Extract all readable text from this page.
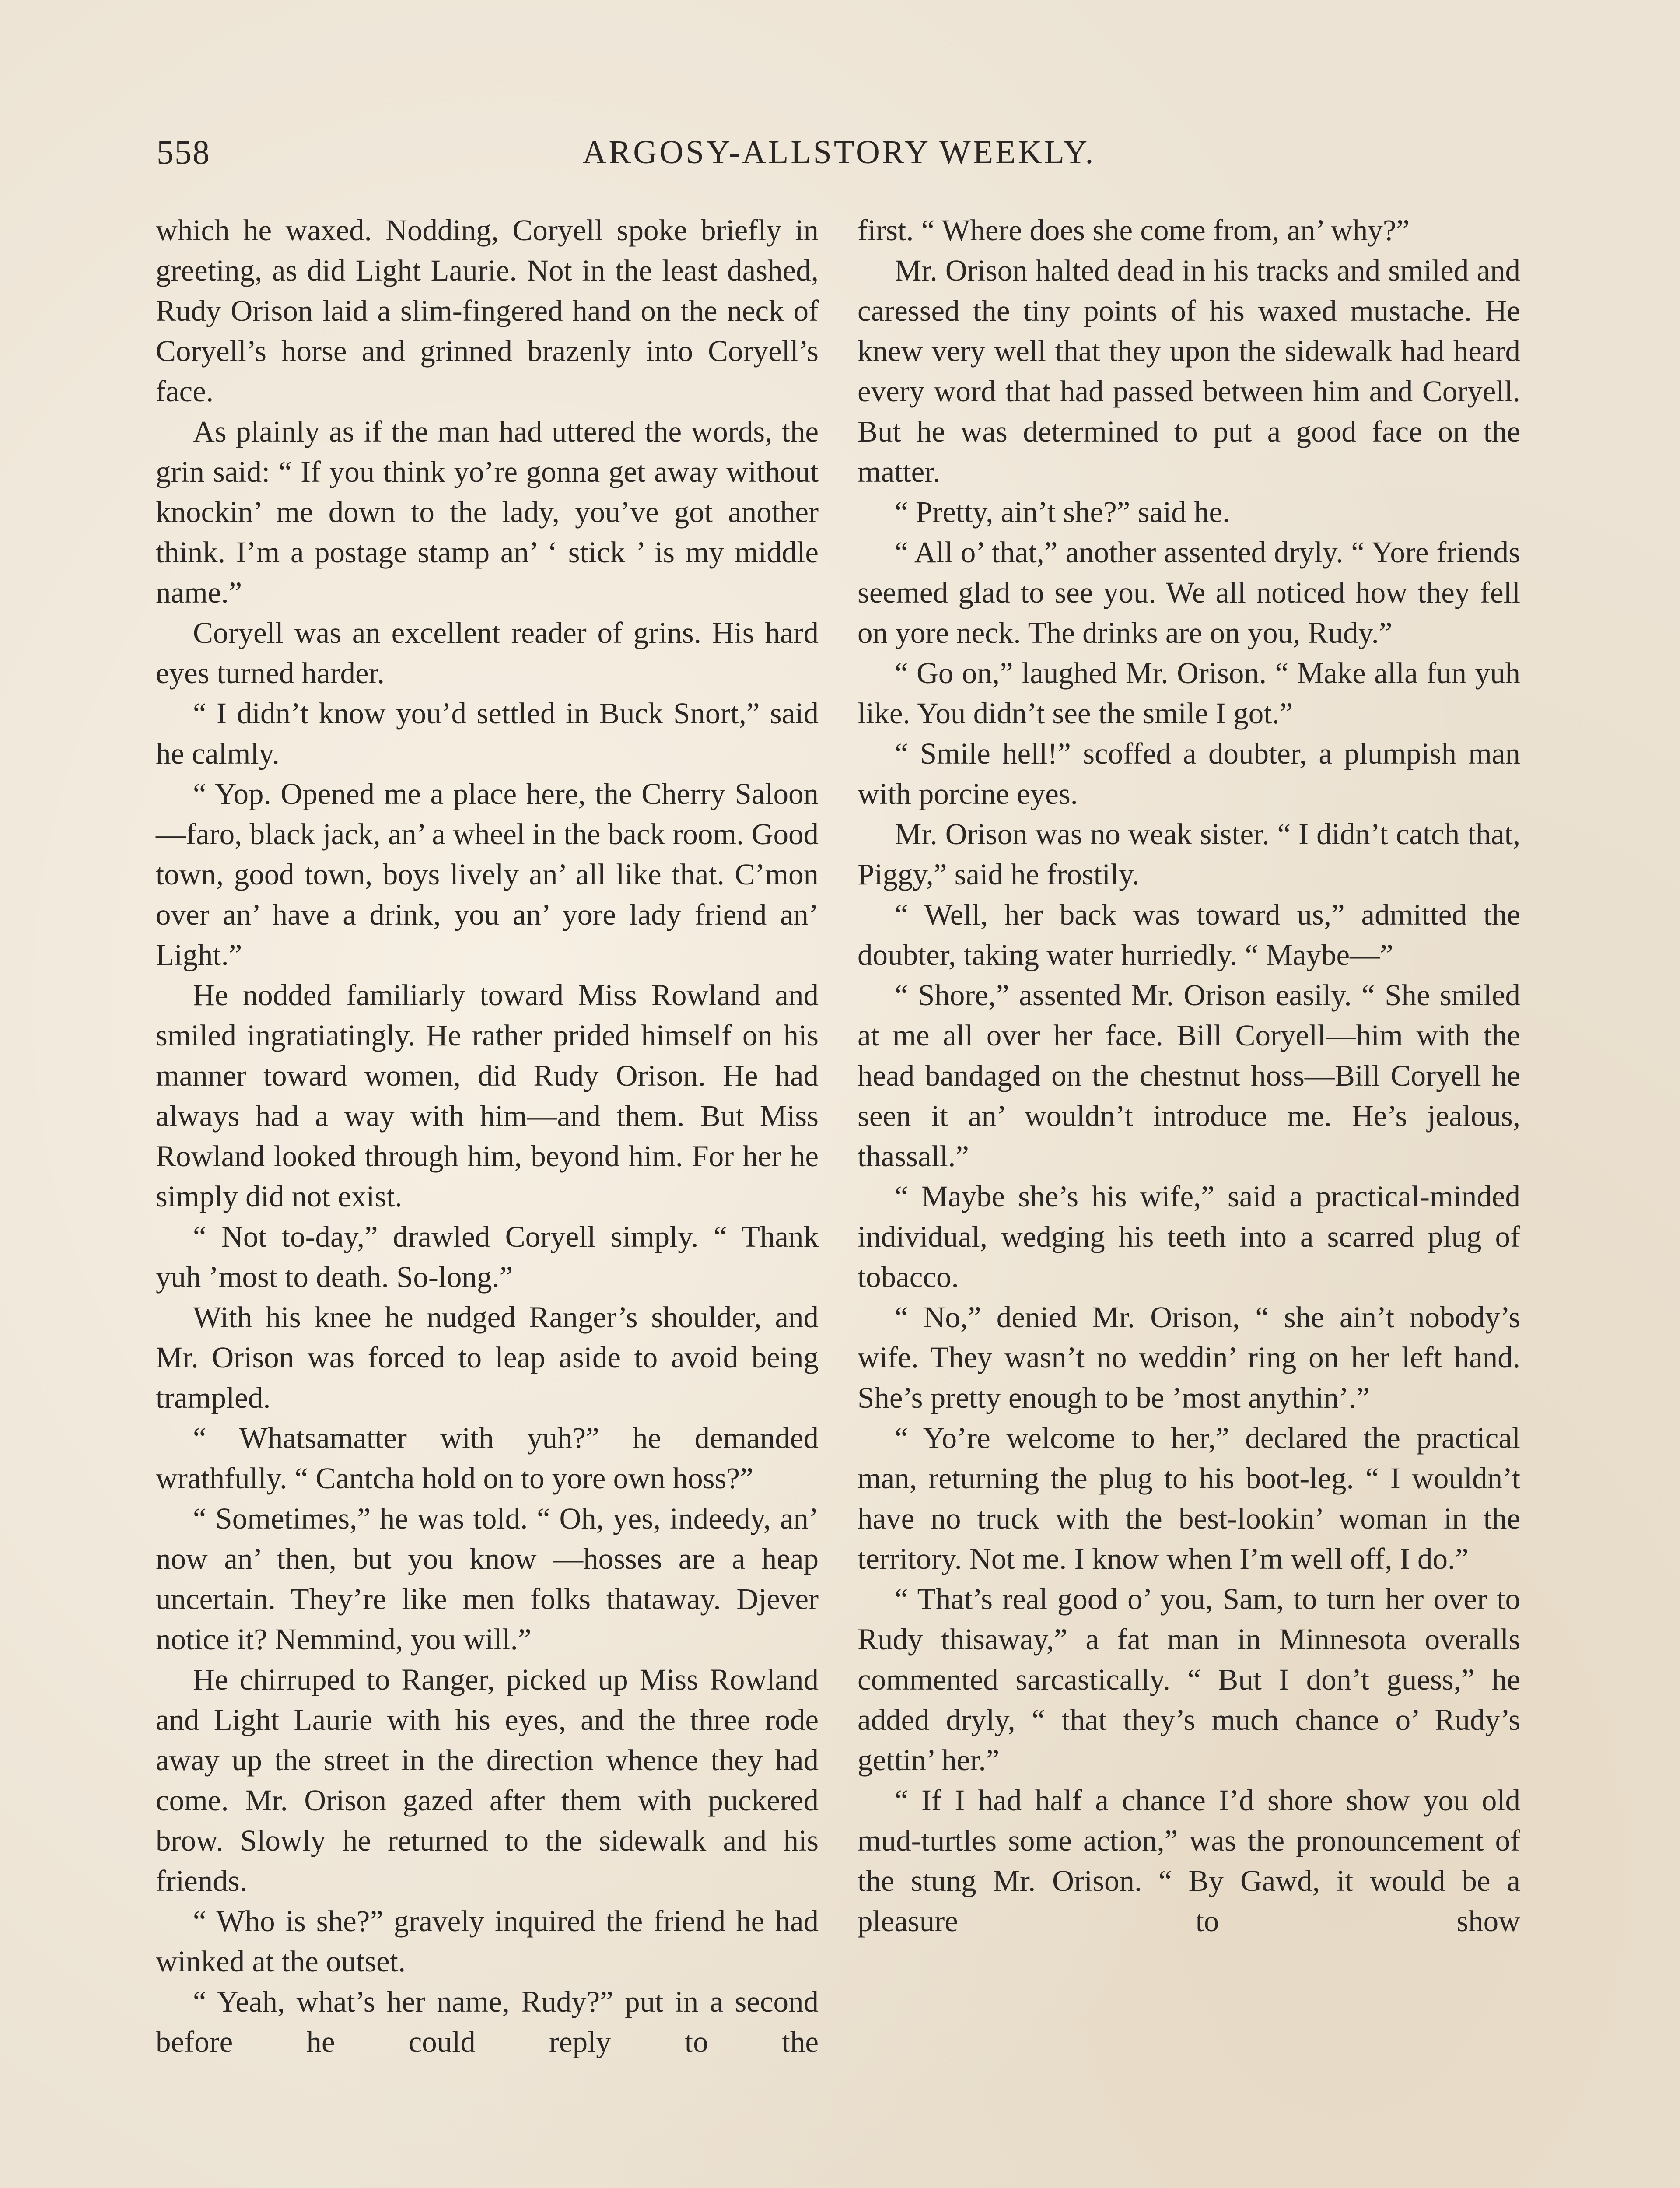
558	ARGOSY-ALLSTORY WEEKLY.

which he waxed. Nodding, Coryell spoke briefly in greeting, as did Light Laurie. Not in the least dashed, Rudy Orison laid a slim-fingered hand on the neck of Coryell’s horse and grinned brazenly into Coryell’s face.

As plainly as if the man had uttered the words, the grin said: “ If you think yo’re gonna get away without knockin’ me down to the lady, you’ve got another think. I’m a postage stamp an’ ‘ stick ’ is my middle name.”

Coryell was an excellent reader of grins. His hard eyes turned harder.

“ I didn’t know you’d settled in Buck Snort,” said he calmly.

“ Yop. Opened me a place here, the Cherry Saloon—faro, black jack, an’ a wheel in the back room. Good town, good town, boys lively an’ all like that. C’mon over an’ have a drink, you an’ yore lady friend an’ Light.”

He nodded familiarly toward Miss Rowland and smiled ingratiatingly. He rather prided himself on his manner toward women, did Rudy Orison. He had always had a way with him—and them. But Miss Rowland looked through him, beyond him. For her he simply did not exist.

“ Not to-day,” drawled Coryell simply. “ Thank yuh ’most to death. So-long.”

With his knee he nudged Ranger’s shoulder, and Mr. Orison was forced to leap aside to avoid being trampled.

“ Whatsamatter with yuh?” he demanded wrathfully. “ Cantcha hold on to yore own hoss?”

“ Sometimes,” he was told. “ Oh, yes, indeedy, an’ now an’ then, but you know —hosses are a heap uncertain. They’re like men folks thataway. Djever notice it? Nemmind, you will.”

He chirruped to Ranger, picked up Miss Rowland and Light Laurie with his eyes, and the three rode away up the street in the direction whence they had come. Mr. Orison gazed after them with puckered brow. Slowly he returned to the sidewalk and his friends.

“ Who is she?” gravely inquired the friend he had winked at the outset.

“ Yeah, what’s her name, Rudy?” put in a second before he could reply to the

first. “ Where does she come from, an’ why?”

Mr. Orison halted dead in his tracks and smiled and caressed the tiny points of his waxed mustache. He knew very well that they upon the sidewalk had heard every word that had passed between him and Coryell. But he was determined to put a good face on the matter.

“ Pretty, ain’t she?” said he.

“ All o’ that,” another assented dryly. “ Yore friends seemed glad to see you. We all noticed how they fell on yore neck. The drinks are on you, Rudy.”

“ Go on,” laughed Mr. Orison. “ Make alla fun yuh like. You didn’t see the smile I got.”

“ Smile hell!” scoffed a doubter, a plumpish man with porcine eyes.

Mr. Orison was no weak sister. “ I didn’t catch that, Piggy,” said he frostily.

“ Well, her back was toward us,” admitted the doubter, taking water hurriedly. “ Maybe—”

“ Shore,” assented Mr. Orison easily. “ She smiled at me all over her face. Bill Coryell—him with the head bandaged on the chestnut hoss—Bill Coryell he seen it an’ wouldn’t introduce me. He’s jealous, thassall.”

“ Maybe she’s his wife,” said a practical-minded individual, wedging his teeth into a scarred plug of tobacco.

“ No,” denied Mr. Orison, “ she ain’t nobody’s wife. They wasn’t no weddin’ ring on her left hand. She’s pretty enough to be ’most anythin’.”

“ Yo’re welcome to her,” declared the practical man, returning the plug to his boot-leg. “ I wouldn’t have no truck with the best-lookin’ woman in the territory. Not me. I know when I’m well off, I do.”

“ That’s real good o’ you, Sam, to turn her over to Rudy thisaway,” a fat man in Minnesota overalls commented sarcastically. “ But I don’t guess,” he added dryly, “ that they’s much chance o’ Rudy’s gettin’ her.”

“ If I had half a chance I’d shore show you old mud-turtles some action,” was the pronouncement of the stung Mr. Orison. “ By Gawd, it would be a pleasure to show
